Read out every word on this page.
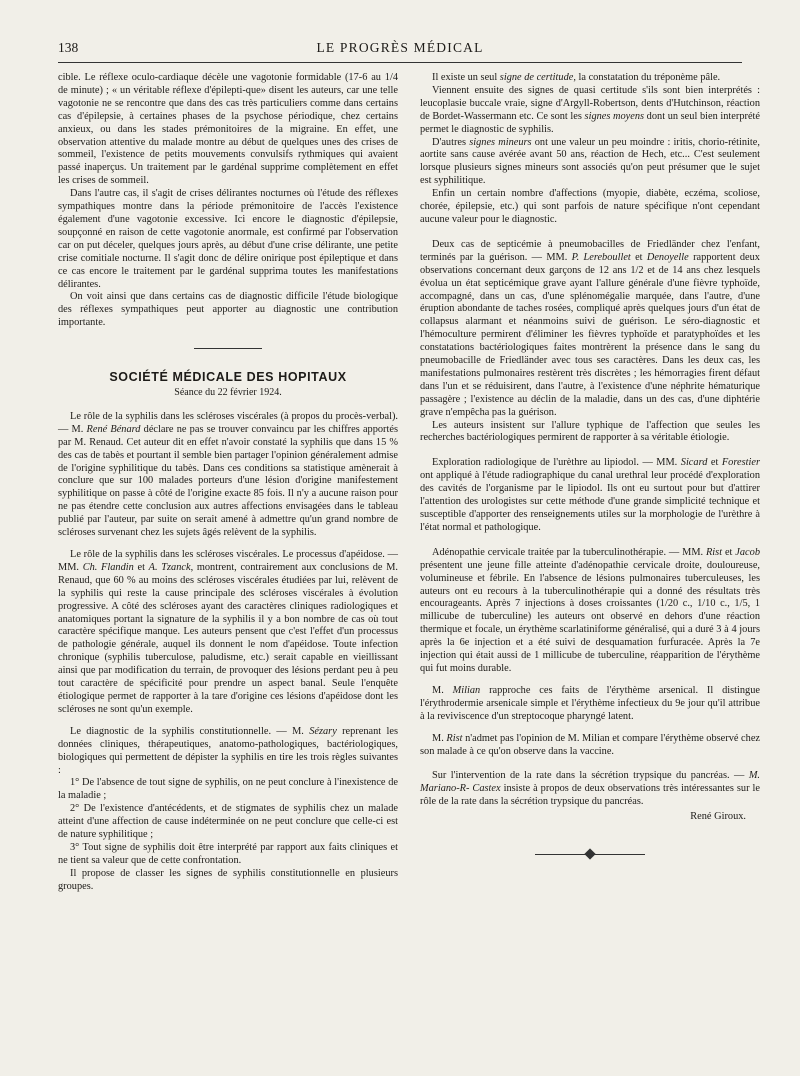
138	LE PROGRÈS MÉDICAL

cible. Le réflexe oculo-cardiaque décèle une vagotonie formidable (17-6 au 1/4 de minute) ; « un véritable réflexe d'épilepti-que» disent les auteurs, car une telle vagotonie ne se rencontre que dans des cas très particuliers comme dans certains cas d'épilepsie, à certaines phases de la psychose périodique, chez certains anxieux, ou dans les stades prémonitoires de la migraine. En effet, une observation attentive du malade montre au début de quelques unes des crises de sommeil, l'existence de petits mouvements convulsifs rythmiques qui avaient passé inaperçus. Un traitement par le gardénal supprime complètement en effet les crises de sommeil.

Dans l'autre cas, il s'agit de crises délirantes nocturnes où l'étude des réflexes sympathiques montre dans la période prémonitoire de l'accès l'existence également d'une vagotonie excessive. Ici encore le diagnostic d'épilepsie, soupçonné en raison de cette vagotonie anormale, est confirmé par l'observation car on put déceler, quelques jours après, au début d'une crise délirante, une petite crise comitiale nocturne. Il s'agit donc de délire onirique post épileptique et dans ce cas encore le traitement par le gardénal supprima toutes les manifestations délirantes.

On voit ainsi que dans certains cas de diagnostic difficile l'étude biologique des réflexes sympathiques peut apporter au diagnostic une contribution importante.

SOCIÉTÉ MÉDICALE DES HOPITAUX

Séance du 22 février 1924.

Le rôle de la syphilis dans les scléroses viscérales (à propos du procès-verbal). — M. René Bénard déclare ne pas se trouver convaincu par les chiffres apportés par M. Renaud. Cet auteur dit en effet n'avoir constaté la syphilis que dans 15 % des cas de tabès et pourtant il semble bien partager l'opinion généralement admise de l'origine syphilitique du tabès. Dans ces conditions sa statistique amènerait à conclure que sur 100 malades porteurs d'une lésion d'origine manifestement syphilitique on passe à côté de l'origine exacte 85 fois. Il n'y a aucune raison pour ne pas étendre cette conclusion aux autres affections envisagées dans le tableau publié par l'auteur, par suite on serait amené à admettre qu'un grand nombre de scléroses survenant chez les sujets âgés relèvent de la syphilis.

Le rôle de la syphilis dans les scléroses viscérales. Le processus d'apéidose. — MM. Ch. Flandin et A. Tzanck, montrent, contrairement aux conclusions de M. Renaud, que 60 % au moins des scléroses viscérales étudiées par lui, relèvent de la syphilis qui reste la cause principale des scléroses viscérales à évolution progressive. A côté des scléroses ayant des caractères cliniques radiologiques et anatomiques portant la signature de la syphilis il y a bon nombre de cas où tout caractère spécifique manque. Les auteurs pensent que c'est l'effet d'un processus de pathologie générale, auquel ils donnent le nom d'apéidose. Toute infection chronique (syphilis tuberculose, paludisme, etc.) serait capable en vieillissant ainsi que par modification du terrain, de provoquer des lésions perdant peu à peu tout caractère de spécificité pour prendre un aspect banal. Seule l'enquête étiologique permet de rapporter à la tare d'origine ces lésions d'apéidose dont les scléroses ne sont qu'un exemple.

Le diagnostic de la syphilis constitutionnelle. — M. Sézary reprenant les données cliniques, thérapeutiques, anatomo-pathologiques, bactériologiques, biologiques qui permettent de dépister la syphilis en tire les trois règles suivantes :

1° De l'absence de tout signe de syphilis, on ne peut conclure à l'inexistence de la maladie ;

2° De l'existence d'antécédents, et de stigmates de syphilis chez un malade atteint d'une affection de cause indéterminée on ne peut conclure que celle-ci est de nature syphilitique ;

3° Tout signe de syphilis doit être interprété par rapport aux faits cliniques et ne tient sa valeur que de cette confrontation.

Il propose de classer les signes de syphilis constitutionnelle en plusieurs groupes.

Il existe un seul signe de certitude, la constatation du tréponème pâle.

Viennent ensuite des signes de quasi certitude s'ils sont bien interprétés : leucoplasie buccale vraie, signe d'Argyll-Robertson, dents d'Hutchinson, réaction de Bordet-Wassermann etc. Ce sont les signes moyens dont un seul bien interprété permet le diagnostic de syphilis.

D'autres signes mineurs ont une valeur un peu moindre : iritis, chorio-rétinite, aortite sans cause avérée avant 50 ans, réaction de Hech, etc... C'est seulement lorsque plusieurs signes mineurs sont associés qu'on peut présumer que le sujet est syphilitique.

Enfin un certain nombre d'affections (myopie, diabète, eczéma, scoliose, chorée, épilepsie, etc.) qui sont parfois de nature spécifique n'ont cependant aucune valeur pour le diagnostic.

Deux cas de septicémie à pneumobacilles de Friedländer chez l'enfant, terminés par la guérison. — MM. P. Lereboullet et Denoyelle rapportent deux observations concernant deux garçons de 12 ans 1/2 et de 14 ans chez lesquels évolua un état septicémique grave ayant l'allure générale d'une fièvre typhoïde, accompagné, dans un cas, d'une splénomégalie marquée, dans l'autre, d'une éruption abondante de taches rosées, compliqué après quelques jours d'un état de collapsus alarmant et néanmoins suivi de guérison. Le séro-diagnostic et l'hémoculture permirent d'éliminer les fièvres typhoïde et paratyphoïdes et les constatations bactériologiques faites montrèrent la présence dans le sang du pneumobacille de Friedländer avec tous ses caractères. Dans les deux cas, les manifestations pulmonaires restèrent très discrètes ; les hémorragies firent défaut dans l'un et se réduisirent, dans l'autre, à l'existence d'une néphrite hématurique passagère ; l'existence au déclin de la maladie, dans un des cas, d'une diphtérie grave n'empêcha pas la guérison.

Les auteurs insistent sur l'allure typhique de l'affection que seules les recherches bactériologiques permirent de rapporter à sa véritable étiologie.

Exploration radiologique de l'urèthre au lipiodol. — MM. Sicard et Forestier ont appliqué à l'étude radiographique du canal urethral leur procédé d'exploration des cavités de l'organisme par le lipiodol. Ils ont eu surtout pour but d'attirer l'attention des urologistes sur cette méthode d'une grande simplicité technique et susceptible d'apporter des renseignements utiles sur la morphologie de l'urèthre à l'état normal et pathologique.

Adénopathie cervicale traitée par la tuberculinothérapie. — MM. Rist et Jacob présentent une jeune fille atteinte d'adénopathie cervicale droite, douloureuse, volumineuse et fébrile. En l'absence de lésions pulmonaires tuberculeuses, les auteurs ont eu recours à la tuberculinothérapie qui a donné des résultats très encourageants. Après 7 injections à doses croissantes (1/20 c., 1/10 c., 1/5, 1 millicube de tuberculine) les auteurs ont observé en dehors d'une réaction thermique et focale, un érythème scarlatiniforme généralisé, qui a duré 3 à 4 jours après la 6e injection et a été suivi de desquamation furfuracée. Après la 7e injection qui était aussi de 1 millicube de tuberculine, réapparition de l'érythème qui fut moins durable.

M. Milian rapproche ces faits de l'érythème arsenical. Il distingue l'érythrodermie arsenicale simple et l'érythème infectieux du 9e jour qu'il attribue à la reviviscence d'un streptocoque pharyngé latent.

M. Rist n'admet pas l'opinion de M. Milian et compare l'érythème observé chez son malade à ce qu'on observe dans la vaccine.

Sur l'intervention de la rate dans la sécrétion trypsique du pancréas. — M. Mariano-R- Castex insiste à propos de deux observations très intéressantes sur le rôle de la rate dans la sécrétion trypsique du pancréas.

René Giroux.
